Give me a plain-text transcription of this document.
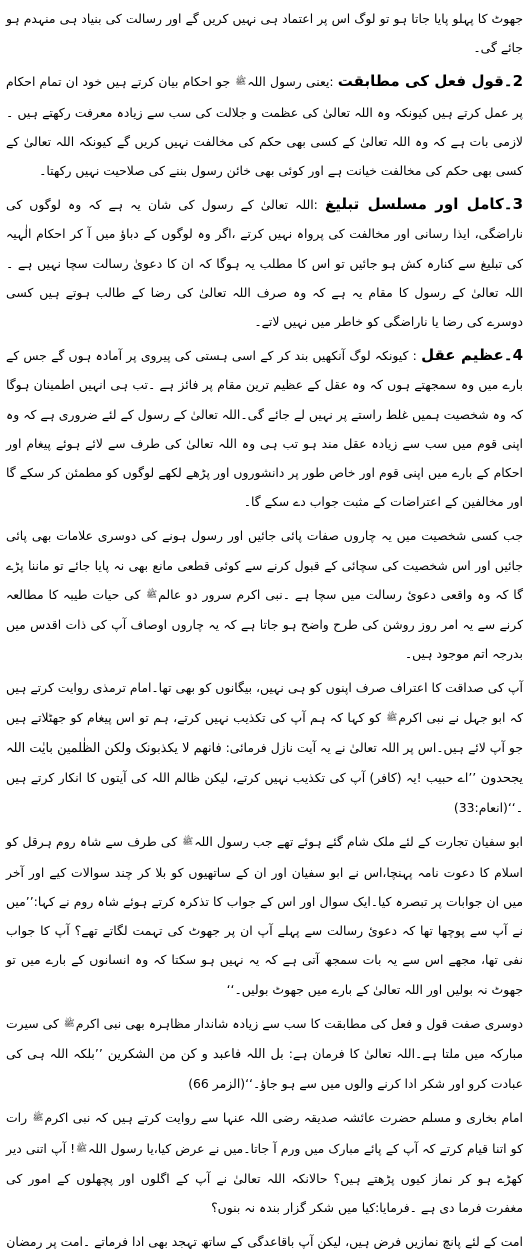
جھوٹ کا پہلو پایا جاتا ہو تو لوگ اس پر اعتماد ہی نہیں کریں گے اور رسالت کی بنیاد ہی منہدم ہو جائے گی۔

2۔قول فعل کی مطابقت :یعنی رسول اللہﷺ جو احکام بیان کرتے ہیں خود ان تمام احکام پر عمل کرتے ہیں کیونکہ وہ اللہ تعالیٰ کی عظمت و جلالت کی سب سے زیادہ معرفت رکھتے ہیں ۔لازمی بات ہے کہ وہ اللہ تعالیٰ کے کسی بھی حکم کی مخالفت نہیں کریں گے کیونکہ اللہ تعالیٰ کے کسی بھی حکم کی مخالفت خیانت ہے اور کوئی بھی خائن رسول بننے کی صلاحیت نہیں رکھتا۔

3۔کامل اور مسلسل تبلیغ :اللہ تعالیٰ کے رسول کی شان یہ ہے کہ وہ لوگوں کی ناراضگی، ایذا رسانی اور مخالفت کی پرواہ نہیں کرتے ،اگر وہ لوگوں کے دباؤ میں آ کر احکام الٰہیہ کی تبلیغ سے کنارہ کش ہو جائیں تو اس کا مطلب یہ ہوگا کہ ان کا دعویٰ رسالت سچا نہیں ہے ۔اللہ تعالیٰ کے رسول کا مقام یہ ہے کہ وہ صرف اللہ تعالیٰ کی رضا کے طالب ہوتے ہیں کسی دوسرے کی رضا یا ناراضگی کو خاطر میں نہیں لاتے۔

4۔عظیم عقل : کیونکہ لوگ آنکھیں بند کر کے اسی ہستی کی پیروی پر آمادہ ہوں گے جس کے بارے میں وہ سمجھتے ہوں کہ وہ عقل کے عظیم ترین مقام پر فائز ہے ۔تب ہی انہیں اطمینان ہوگا کہ وہ شخصیت ہمیں غلط راستے پر نہیں لے جائے گی۔اللہ تعالیٰ کے رسول کے لئے ضروری ہے کہ وہ اپنی قوم میں سب سے زیادہ عقل مند ہو تب ہی وہ اللہ تعالیٰ کی طرف سے لائے ہوئے پیغام اور احکام کے بارے میں اپنی قوم اور خاص طور پر دانشوروں اور پڑھے لکھے لوگوں کو مطمئن کر سکے گا اور مخالفین کے اعتراضات کے مثبت جواب دے سکے گا۔

جب کسی شخصیت میں یہ چاروں صفات پائی جائیں اور رسول ہونے کی دوسری علامات بھی پائی جائیں اور اس شخصیت کی سچائی کے قبول کرنے سے کوئی قطعی مانع بھی نہ پایا جائے تو ماننا پڑے گا کہ وہ واقعی دعویٔ رسالت میں سچا ہے ۔نبی اکرم سرور دو عالمﷺ کی حیات طیبہ کا مطالعہ کرنے سے یہ امر روز روشن کی طرح واضح ہو جاتا ہے کہ یہ چاروں اوصاف آپ کی ذات اقدس میں بدرجہ اتم موجود ہیں۔

آپ کی صداقت کا اعتراف صرف اپنوں کو ہی نہیں، بیگانوں کو بھی تھا۔امام ترمذی روایت کرتے ہیں کہ ابو جہل نے نبی اکرمﷺ کو کہا کہ ہم آپ کی تکذیب نہیں کرتے، ہم تو اس پیغام کو جھٹلاتے ہیں جو آپ لائے ہیں۔اس پر اللہ تعالیٰ نے یہ آیت نازل فرمائی: فانھم لا یکذبونک ولکن الظٰلمین بایٰت اللہ یجحدون ’’اے حبیب !یہ (کافر) آپ کی تکذیب نہیں کرتے، لیکن ظالم اللہ کی آیتوں کا انکار کرتے ہیں ۔‘‘(انعام:33)

ابو سفیان تجارت کے لئے ملک شام گئے ہوئے تھے جب رسول اللہﷺ کی طرف سے شاہ روم ہرقل کو اسلام کا دعوت نامہ پہنچا،اس نے ابو سفیان اور ان کے ساتھیوں کو بلا کر چند سوالات کیے اور آخر میں ان جوابات پر تبصرہ کیا۔ایک سوال اور اس کے جواب کا تذکرہ کرتے ہوئے شاہ روم نے کہا:’’میں نے آپ سے پوچھا تھا کہ دعویٔ رسالت سے پہلے آپ ان پر جھوٹ کی تہمت لگاتے تھے؟ آپ کا جواب نفی تھا، مجھے اس سے یہ بات سمجھ آتی ہے کہ یہ نہیں ہو سکتا کہ وہ انسانوں کے بارے میں تو جھوٹ نہ بولیں اور اللہ تعالیٰ کے بارے میں جھوٹ بولیں۔‘‘

دوسری صفت قول و فعل کی مطابقت کا سب سے زیادہ شاندار مظاہرہ بھی نبی اکرمﷺ کی سیرت مبارکہ میں ملتا ہے۔اللہ تعالیٰ کا فرمان ہے: بل اللہ فاعبد و کن من الشکرین ’’بلکہ اللہ ہی کی عبادت کرو اور شکر ادا کرنے والوں میں سے ہو جاؤ۔‘‘(الزمر 66)

امام بخاری و مسلم حضرت عائشہ صدیقہ رضی اللہ عنہا سے روایت کرتے ہیں کہ نبی اکرمﷺ رات کو اتنا قیام کرتے کہ آپ کے پائے مبارک میں ورم آ جاتا۔میں نے عرض کیا،یا رسول اللہﷺ! آپ اتنی دیر کھڑے ہو کر نماز کیوں پڑھتے ہیں؟ حالانکہ اللہ تعالیٰ نے آپ کے اگلوں اور پچھلوں کے امور کی مغفرت فرما دی ہے ۔فرمایا:کیا میں شکر گزار بندہ نہ بنوں؟

امت کے لئے پانچ نمازیں فرض ہیں، لیکن آپ باقاعدگی کے ساتھ تہجد بھی ادا فرماتے ۔امت پر رمضان
